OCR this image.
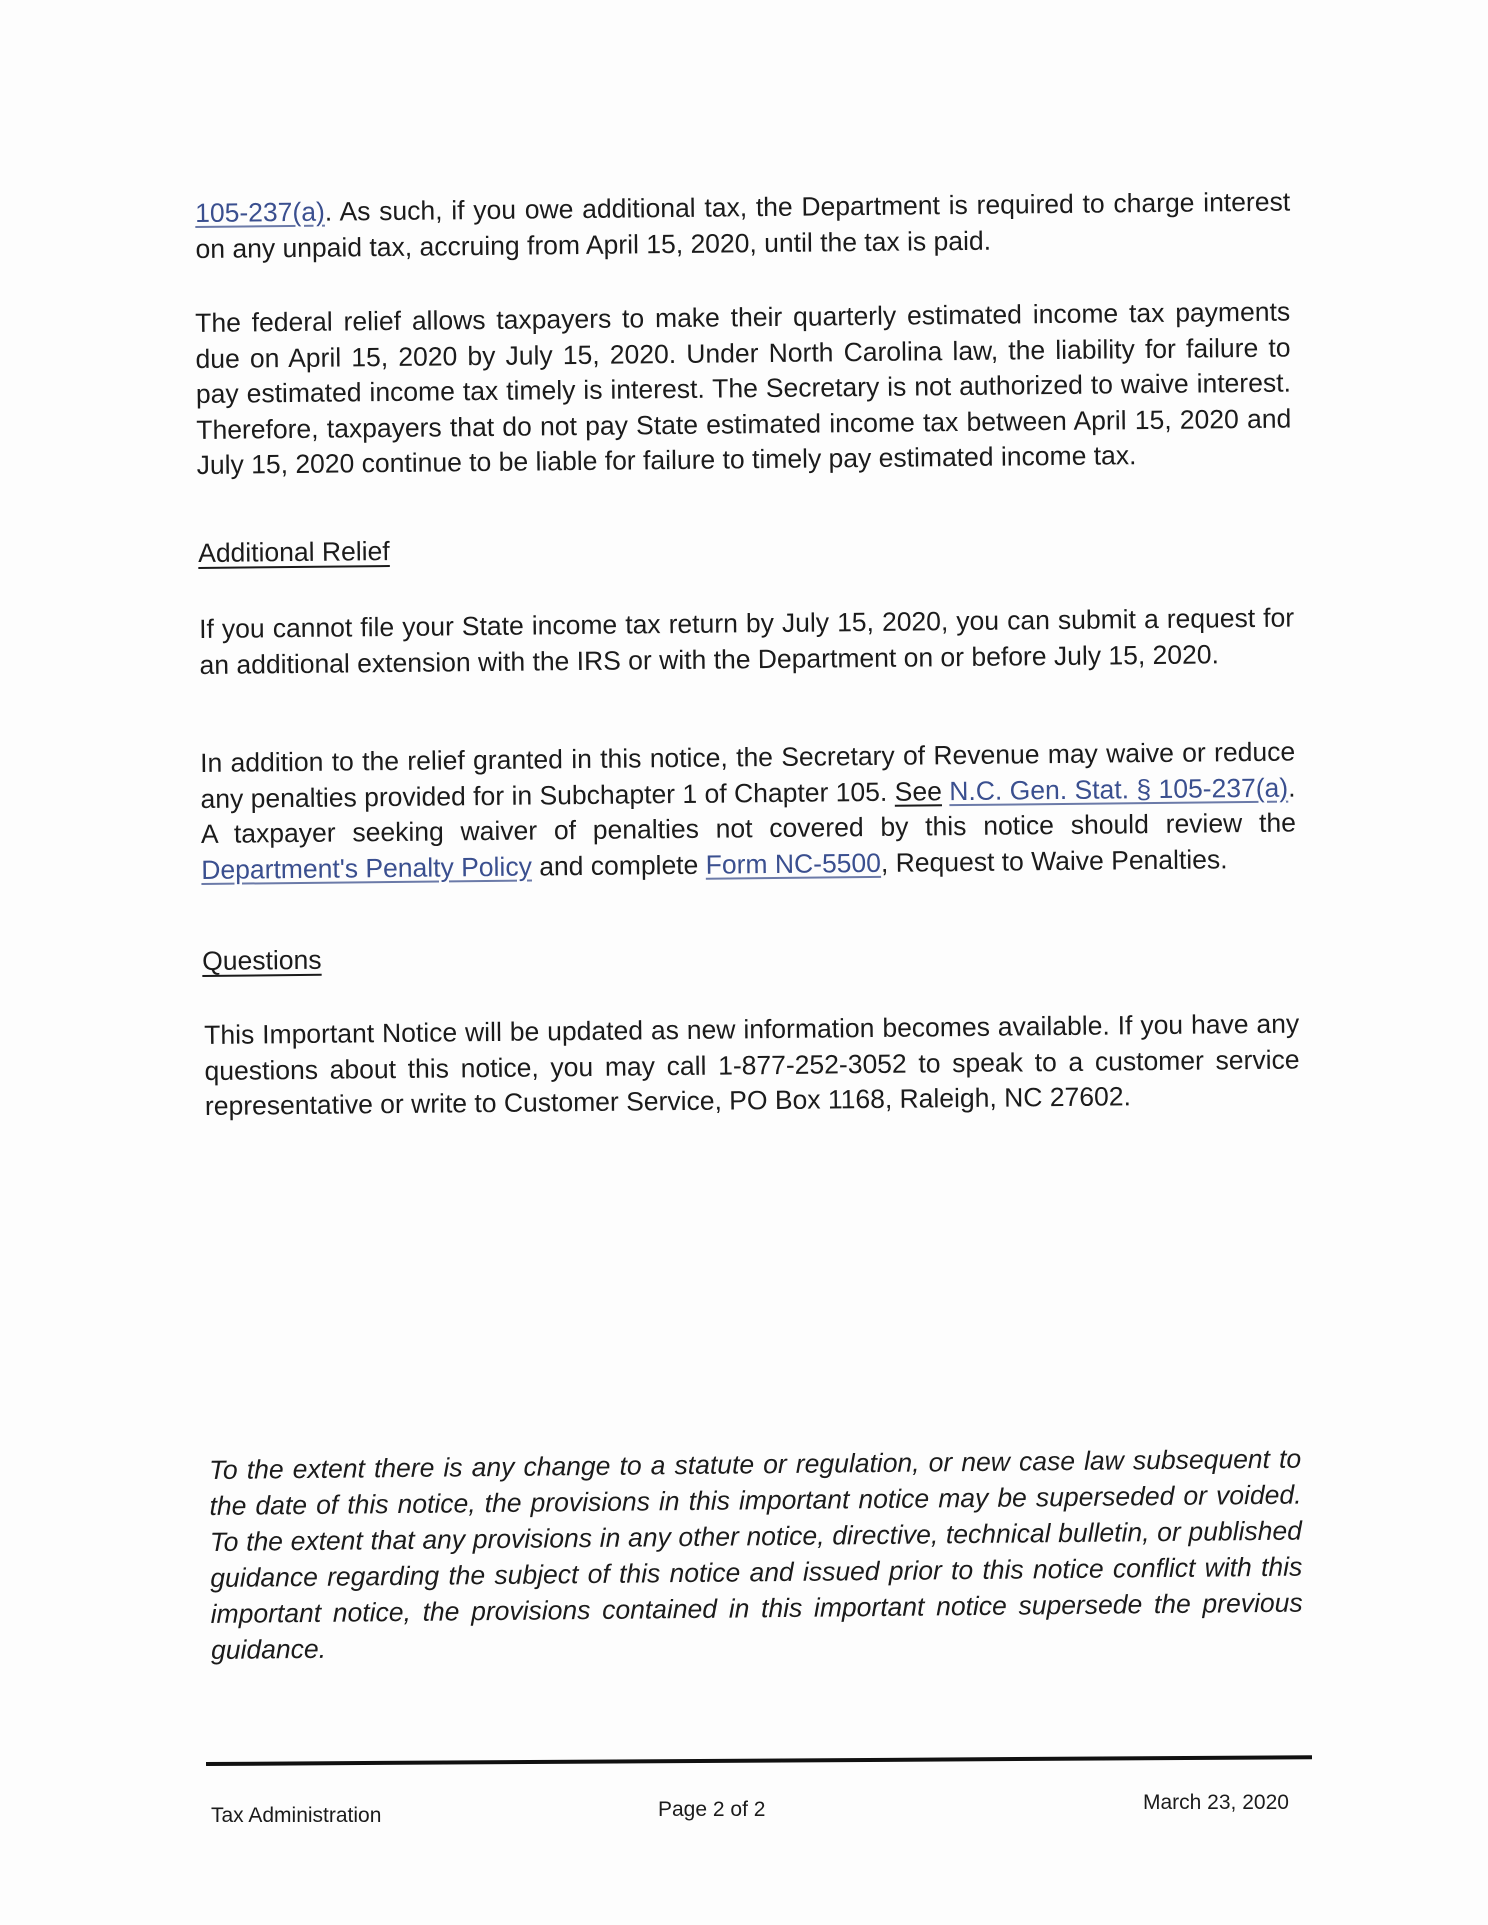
105-237(a). As such, if you owe additional tax, the Department is required to charge interest on any unpaid tax, accruing from April 15, 2020, until the tax is paid.

The federal relief allows taxpayers to make their quarterly estimated income tax payments due on April 15, 2020 by July 15, 2020. Under North Carolina law, the liability for failure to pay estimated income tax timely is interest. The Secretary is not authorized to waive interest. Therefore, taxpayers that do not pay State estimated income tax between April 15, 2020 and July 15, 2020 continue to be liable for failure to timely pay estimated income tax.

Additional Relief

If you cannot file your State income tax return by July 15, 2020, you can submit a request for an additional extension with the IRS or with the Department on or before July 15, 2020.

In addition to the relief granted in this notice, the Secretary of Revenue may waive or reduce any penalties provided for in Subchapter 1 of Chapter 105. See N.C. Gen. Stat. § 105-237(a). A taxpayer seeking waiver of penalties not covered by this notice should review the Department's Penalty Policy and complete Form NC-5500, Request to Waive Penalties.

Questions

This Important Notice will be updated as new information becomes available. If you have any questions about this notice, you may call 1-877-252-3052 to speak to a customer service representative or write to Customer Service, PO Box 1168, Raleigh, NC 27602.

To the extent there is any change to a statute or regulation, or new case law subsequent to the date of this notice, the provisions in this important notice may be superseded or voided. To the extent that any provisions in any other notice, directive, technical bulletin, or published guidance regarding the subject of this notice and issued prior to this notice conflict with this important notice, the provisions contained in this important notice supersede the previous guidance.
Tax Administration	Page 2 of 2	March 23, 2020
